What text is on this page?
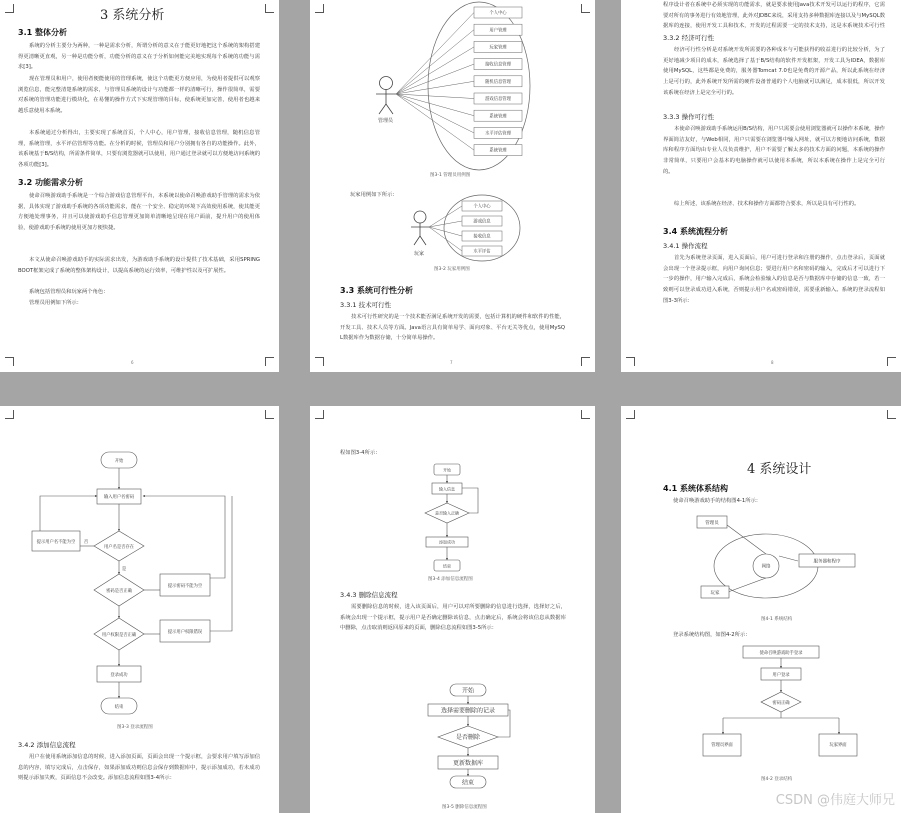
3 系统分析
3.1 整体分析
系统的分析主要分为两种，一种是需求分析，所谓分析的意义在于能更好地把这个系统的架构搭建得更清晰更直观，另一种是功能分析，功能分析的意义在于分析如何能完美地实现每个系统的功能与需求[3]。
现在管理员和用户，使用者便能使用的管理系统，使这个功能更方便应用，为使用者提供可以观察浏览信息，能完整清楚系统的需求，与管理员系统的设计与功能都一样的清晰可行，操作很简单，需要对系统的管理功能进行模块化，在易懂的操作方式下实现管理的目标，使系统更加完善，使用者也越来越乐意使用本系统。
本系统通过分析得出，主要实现了系统首页，个人中心，用户管理，接收信息管理，随机信息管理，系统管理，水平评估管理等功能。在分析的时候，管理员和用户分别拥有各自的功能操作。此外，该系统基于B/S结构，所需条件简单，只要有浏览器就可以使用，用户通过登录就可以方便地访问系统的各项功能[3]。
3.2 功能需求分析
使命召唤游戏助手系统是一个综合游戏信息管理平台，本系统以使命召唤游戏助手管理的需求为依据，具体实现了游戏助手系统的各项功能需求，能在一个安全、稳定的环境下高效使用系统，使其能更方便地处理事务，并且可以使游戏助手信息管理更加简单清晰地呈现在用户面前，提升用户的使用体验，使游戏助手系统的使用更加方便快捷。
本文从使命召唤游戏助手的实际需求出发，为游戏助手系统的设计提供了技术基础，采用SPRING BOOT框架完成了系统的整体架构设计，以提高系统的运行效率，可维护性以及可扩展性。
系统包括管理员和玩家两个角色：
管理员用例如下所示：
6
个人中心
用户管理
玩家管理
接收信息管理
随机信息管理
游戏信息管理
系统管理
水平评估管理
系统管理
管理员
图3-1 管理员用例图
玩家用例如下所示：
个人中心
游戏信息
接收信息
水平评估
玩家
图3-2 玩家用例图
3.3 系统可行性分析
3.3.1 技术可行性
技术可行性研究的是一个技术能否满足系统开发的需要，包括计算机的硬件和软件的性能，开发工具、技术人员等方面。Java语言具有简单易学、面向对象、平台无关等优点，使用MySQL数据库作为数据存储，十分简单易操作。
7
程序设计者在系统中必须实现的功能需求，就是要求使用Java技术开发可以运行的程序，它需要对所有的事务进行有效地管理，此外对JDBC来说，采用支持多种数据库连接以及与MySQL数据库的连接，使用开发工具和技术，开发的过程需要一定的技术支持，这是本系统技术可行性
3.3.2 经济可行性
经济可行性分析是对系统开发所需要的各种成本与可能获得的收益进行的比较分析，为了更好地减少项目的成本，系统选择了基于B/S结构的软件开发框架，开发工具为IDEA，数据库使用MySQL，这些都是免费的，服务器Tomcat 7.0也是免费的开源产品，所以此系统在经济上是可行的，此外系统开发所需的硬件设备普通的个人电脑就可以满足，成本很低，所以开发该系统在经济上是完全可行的。
3.3.3 操作可行性
本使命召唤游戏助手系统运用B/S结构，用户只需要会使用浏览器就可以操作本系统，操作界面简洁友好，与Web相同，用户只需要在浏览器中输入网址，就可以方便地访问系统，数据库和程序方面均由专业人员负责维护，用户不需要了解太多的技术方面的问题，本系统的操作非常简单，只要用户会基本的电脑操作就可以使用本系统，所以本系统在操作上是完全可行的。
综上所述，该系统在经济、技术和操作方面都符合要求，所以是具有可行性的。
3.4 系统流程分析
3.4.1 操作流程
首先为系统登录页面，进入页面后，用户可进行登录和注册的操作，点击登录后，页面就会出现一个登录提示框，向用户询问信息；要进行用户名和密码的输入，完成后才可以进行下一步的操作，用户输入完成后，系统会检验输入的信息是否与数据库中存储的信息一致，若一致则可以登录成功进入系统，否则提示用户名或密码错误，需要重新输入。系统的登录流程如图3-3所示：
8
开始
输入用户名密码
用户名是否存在
密码是否正确
用户权限是否正确
提示用户名不能为空
提示密码不能为空
提示用户权限错误
登录成功
结束
是
否
图3-3 登录流程图
3.4.2 添加信息流程
用户在使用系统添加信息的时候，进入添加页面，页面会出现一个提示框，会要求用户填写添加信息的内容，填写完成后，点击保存，如果添加成功则信息会保存到数据库中，提示添加成功，若未成功则提示添加失败，页面信息不会改变。添加信息流程如图3-4所示：
程如图3-4所示：
开始
输入信息
是否输入正确
添加成功
结束
图3-4 添加信息流程图
3.4.3 删除信息流程
需要删除信息的时候，进入该页面后，用户可以对所要删除的信息进行选择，选择好之后，系统会出现一个提示框，提示用户是否确定删除该信息，点击确定后，系统会将该信息从数据库中删除，点击取消则返回原来的页面，删除信息流程如图3-5所示：
开始
选择需要删除的记录
是否删除
更新数据库
结束
图3-5 删除信息流程图
4 系统设计
4.1 系统体系结构
使命召唤游戏助手的结构图4-1所示：
管理员
网络
服务器和程序
玩家
图4-1 系统结构
登录系统结构图，如图4-2所示：
使命召唤游戏助手登录
用户登录
密码正确
管理员界面	玩家界面
图4-2 登录结构
CSDN @伟庭大师兄
